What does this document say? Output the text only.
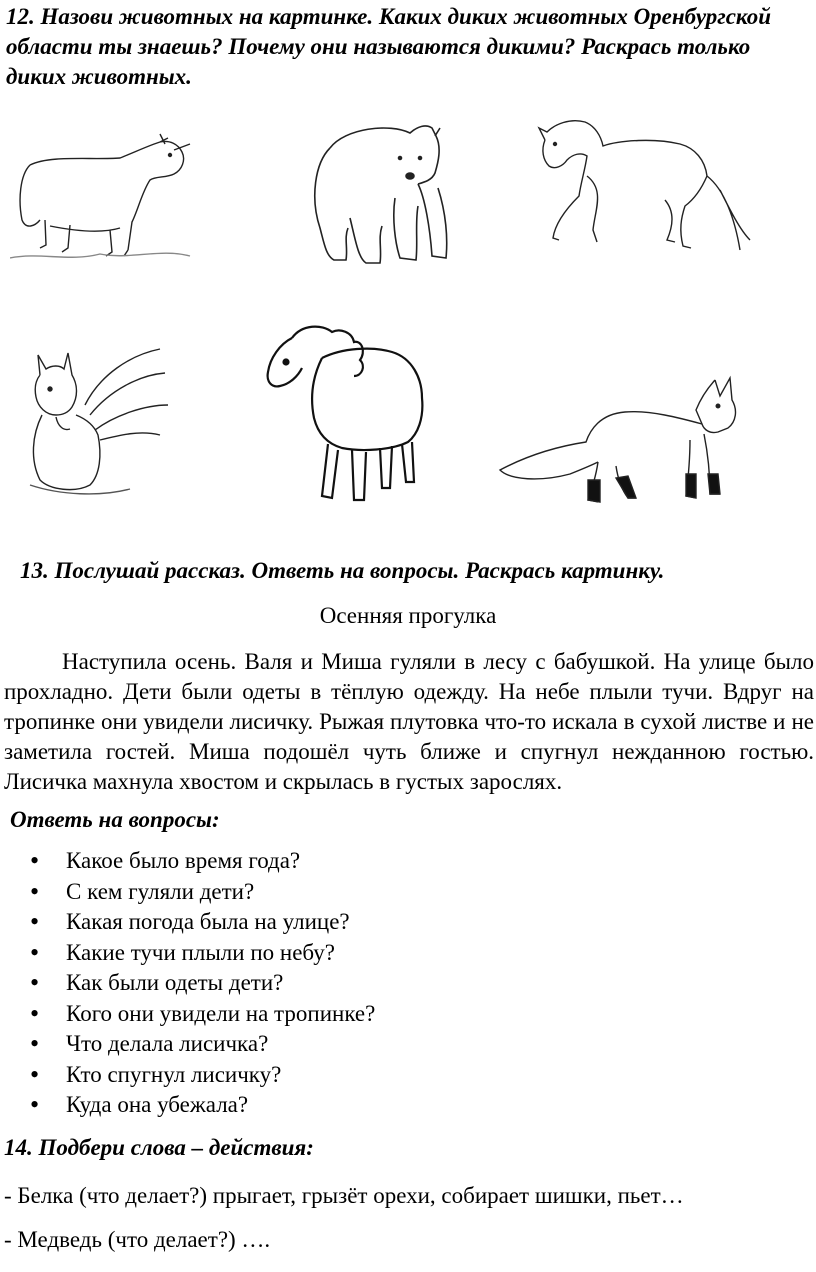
12. Назови животных на картинке. Каких диких животных Оренбургской области ты знаешь? Почему они называются дикими? Раскрась только диких животных.
13. Послушай рассказ. Ответь на вопросы. Раскрась картинку.
Осенняя прогулка

Наступила осень. Валя и Миша гуляли в лесу с бабушкой. На улице было прохладно. Дети были одеты в тёплую одежду. На небе плыли тучи. Вдруг на тропинке они увидели лисичку. Рыжая плутовка что-то искала в сухой листве и не заметила гостей. Миша подошёл чуть ближе и спугнул нежданною гостью. Лисичка махнула хвостом и скрылась в густых зарослях.

Ответь на вопросы:
• Какое было время года?
• С кем гуляли дети?
• Какая погода была на улице?
• Какие тучи плыли по небу?
• Как были одеты дети?
• Кого они увидели на тропинке?
• Что делала лисичка?
• Кто спугнул лисичку?
• Куда она убежала?
14. Подбери слова – действия:
- Белка (что делает?) прыгает, грызёт орехи, собирает шишки, пьет…
- Медведь (что делает?) ….
